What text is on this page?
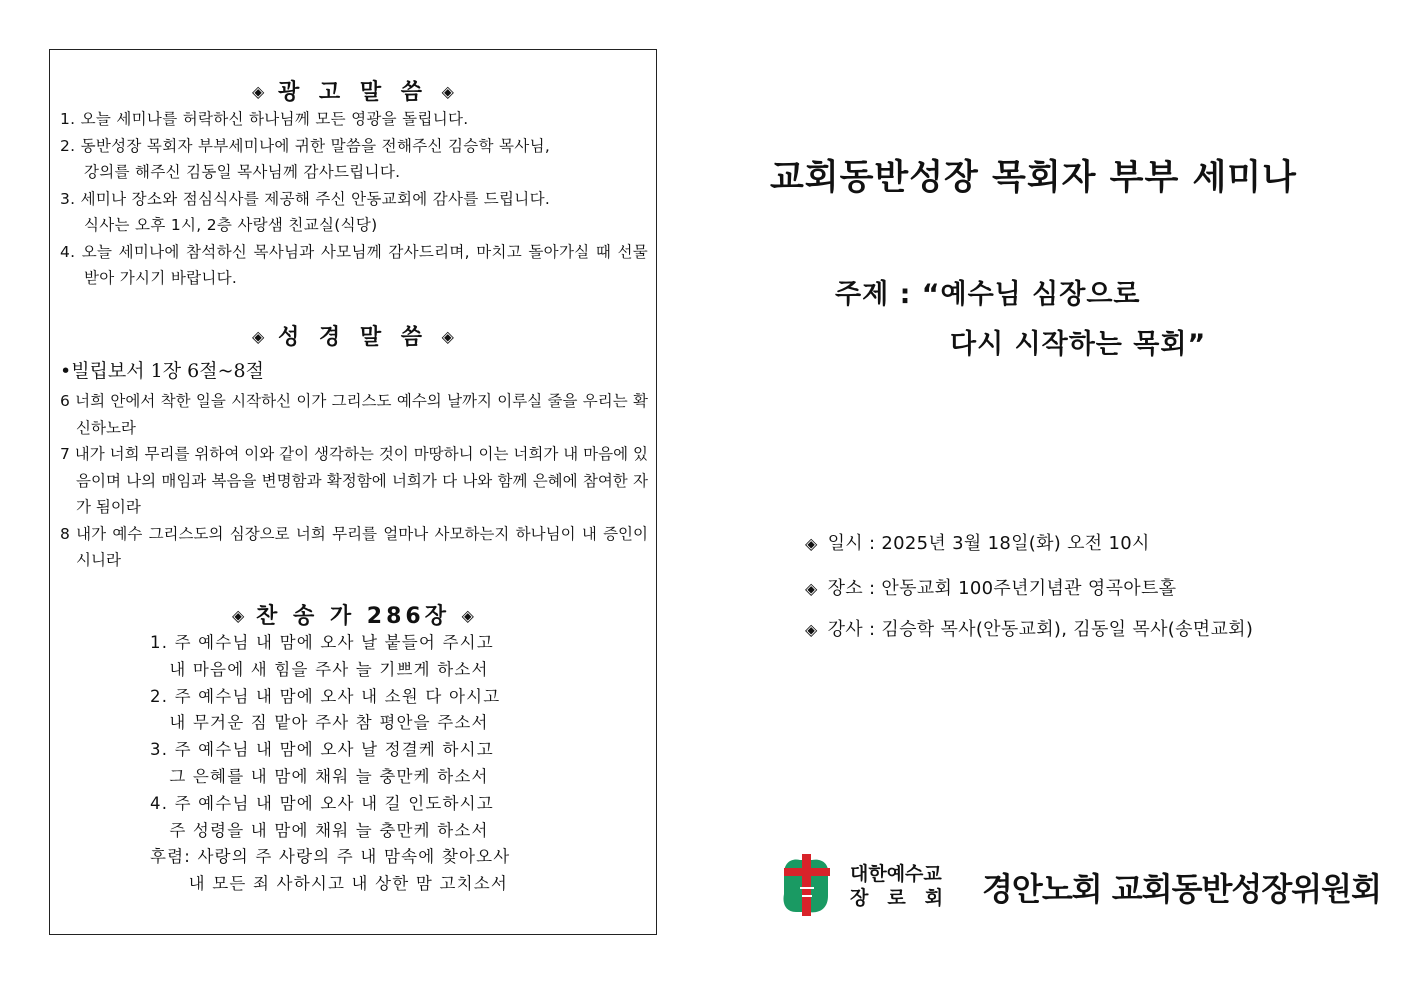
◈ 광 고 말 씀 ◈
1. 오늘 세미나를 허락하신 하나님께 모든 영광을 돌립니다.
2. 동반성장 목회자 부부세미나에 귀한 말씀을 전해주신 김승학 목사님,
강의를 해주신 김동일 목사님께 감사드립니다.
3. 세미나 장소와 점심식사를 제공해 주신 안동교회에 감사를 드립니다.
식사는 오후 1시, 2층 사랑샘 친교실(식당)
4. 오늘 세미나에 참석하신 목사님과 사모님께 감사드리며, 마치고 돌아가실 때 선물 받아 가시기 바랍니다.
◈ 성 경 말 씀 ◈
•빌립보서 1장 6절~8절
6 너희 안에서 착한 일을 시작하신 이가 그리스도 예수의 날까지 이루실 줄을 우리는 확신하노라
7 내가 너희 무리를 위하여 이와 같이 생각하는 것이 마땅하니 이는 너희가 내 마음에 있음이며 나의 매임과 복음을 변명함과 확정함에 너희가 다 나와 함께 은혜에 참여한 자가 됨이라
8 내가 예수 그리스도의 심장으로 너희 무리를 얼마나 사모하는지 하나님이 내 증인이시니라
◈ 찬 송 가 286장 ◈
1. 주 예수님 내 맘에 오사 날 붙들어 주시고
내 마음에 새 힘을 주사 늘 기쁘게 하소서
2. 주 예수님 내 맘에 오사 내 소원 다 아시고
내 무거운 짐 맡아 주사 참 평안을 주소서
3. 주 예수님 내 맘에 오사 날 정결케 하시고
그 은혜를 내 맘에 채워 늘 충만케 하소서
4. 주 예수님 내 맘에 오사 내 길 인도하시고
주 성령을 내 맘에 채워 늘 충만케 하소서
후렴: 사랑의 주 사랑의 주 내 맘속에 찾아오사
내 모든 죄 사하시고 내 상한 맘 고치소서
교회동반성장 목회자 부부 세미나
주제 : “예수님 심장으로
다시 시작하는 목회”
◈ 일시 : 2025년 3월 18일(화) 오전 10시
◈ 장소 : 안동교회 100주년기념관 영곡아트홀
◈ 강사 : 김승학 목사(안동교회), 김동일 목사(송면교회)
대한예수교
장로회 경안노회 교회동반성장위원회
